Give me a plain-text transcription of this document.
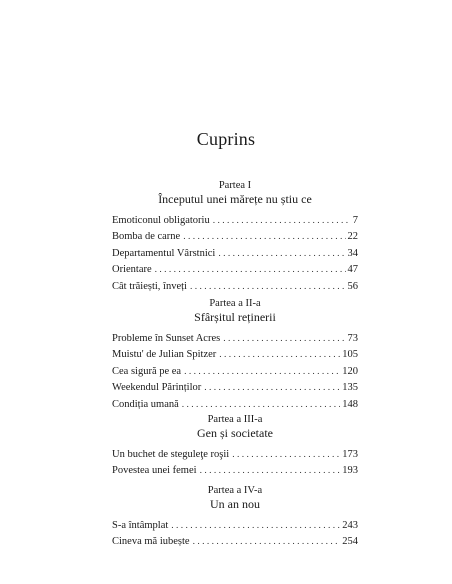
Cuprins
Partea I
Începutul unei mărețe nu știu ce
Emoticonul obligatoriu . . .	7
Bomba de carne . . .	22
Departamentul Vârstnici . . .	34
Orientare . . .	47
Cât trăiești, înveți . . .	56
Partea a II-a
Sfârșitul reținerii
Probleme în Sunset Acres . . .	73
Muistu' de Julian Spitzer . . .	105
Cea sigură pe ea . . .	120
Weekendul Părinților . . .	135
Condiția umană . . .	148
Partea a III-a
Gen și societate
Un buchet de steguleţe roşii . . .	173
Povestea unei femei . . .	193
Partea a IV-a
Un an nou
S-a întâmplat . . .	243
Cineva mă iubește . . .	254
